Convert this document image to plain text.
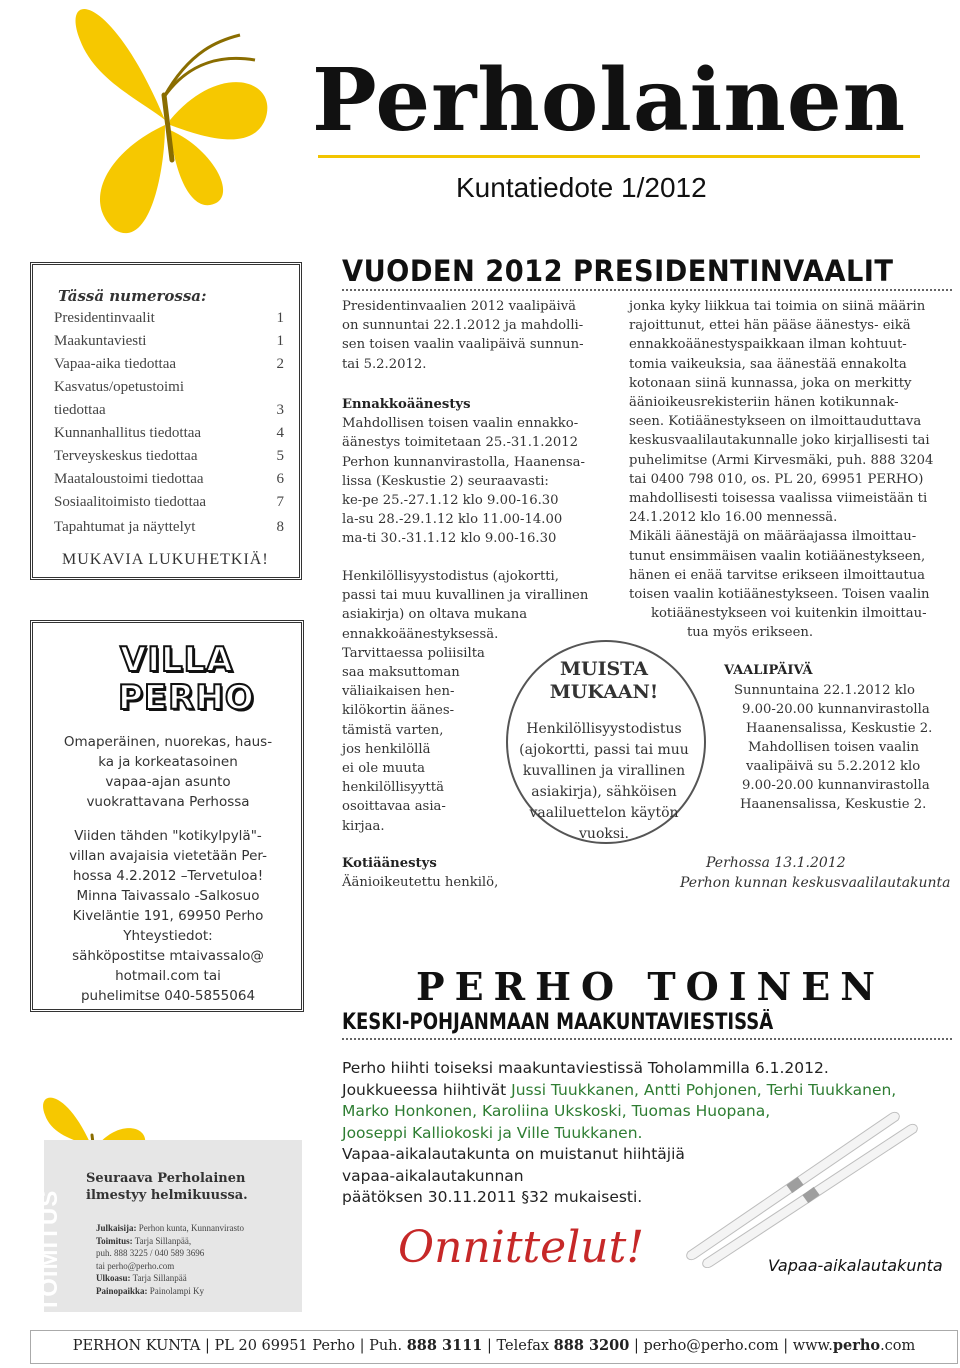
Perholainen
Kuntatiedote 1/2012
Tässä numerossa:
Presidentinvaalit	1
Maakuntaviesti	1
Vapaa-aika tiedottaa	2
Kasvatus/opetustoimi
tiedottaa	3
Kunnanhallitus tiedottaa	4
Terveyskeskus tiedottaa	5
Maataloustoimi tiedottaa	6
Sosiaalitoimisto tiedottaa	7
Tapahtumat ja näyttelyt	8
MUKAVIA LUKUHETKIÄ!
VILLA
PERHO
Omaperäinen, nuorekas, haus-
ka ja korkeatasoinen
vapaa-ajan asunto
vuokrattavana Perhossa
Viiden tähden "kotikylpylä"-
villan avajaisia vietetään Per-
hossa 4.2.2012 –Tervetuloa!
Minna Taivassalo -Salkosuo
Kiveläntie 191, 69950 Perho
Yhteystiedot:
sähköpostitse mtaivassalo@
hotmail.com tai
puhelimitse 040-5855064
TOIMITUS
Seuraava Perholainen
ilmestyy helmikuussa.
Julkaisija: Perhon kunta, Kunnanvirasto
Toimitus: Tarja Sillanpää,
puh. 888 3225 / 040 589 3696
tai perho@perho.com
Ulkoasu: Tarja Sillanpää
Painopaikka: Painolampi Ky
VUODEN 2012 PRESIDENTINVAALIT
Presidentinvaalien 2012 vaalipäivä
on sunnuntai 22.1.2012 ja mahdolli-
sen toisen vaalin vaalipäivä sunnun-
tai 5.2.2012.
Ennakkoäänestys
Mahdollisen toisen vaalin ennakko-
äänestys toimitetaan 25.-31.1.2012
Perhon kunnanvirastolla, Haanensa-
lissa (Keskustie 2) seuraavasti:
ke-pe 25.-27.1.12 klo 9.00-16.30
la-su 28.-29.1.12 klo 11.00-14.00
ma-ti 30.-31.1.12 klo 9.00-16.30
Henkilöllisyystodistus (ajokortti,
passi tai muu kuvallinen ja virallinen
asiakirja) on oltava mukana
ennakkoäänestyksessä.
Tarvittaessa poliisilta
saa maksuttoman
väliaikaisen hen-
kilökortin äänes-
tämistä varten,
jos henkilöllä
ei ole muuta
henkilöllisyyttä
osoittavaa asia-
kirjaa.
Kotiäänestys
Äänioikeutettu henkilö,
jonka kyky liikkua tai toimia on siinä määrin
rajoittunut, ettei hän pääse äänestys- eikä
ennakkoäänestyspaikkaan ilman kohtuut-
tomia vaikeuksia, saa äänestää ennakolta
kotonaan siinä kunnassa, joka on merkitty
äänioikeusrekisteriin hänen kotikunnak-
seen. Kotiäänestykseen on ilmoittauduttava
keskusvaalilautakunnalle joko kirjallisesti tai
puhelimitse (Armi Kirvesmäki, puh. 888 3204
tai 0400 798 010, os. PL 20, 69951 PERHO)
mahdollisesti toisessa vaalissa viimeistään ti
24.1.2012 klo 16.00 mennessä.
Mikäli äänestäjä on määräajassa ilmoittau-
tunut ensimmäisen vaalin kotiäänestykseen,
hänen ei enää tarvitse erikseen ilmoittautua
toisen vaalin kotiäänestykseen. Toisen vaalin
kotiäänestykseen voi kuitenkin ilmoittau-
tua myös erikseen.
MUISTA
MUKAAN!
Henkilöllisyystodistus
(ajokortti, passi tai muu
kuvallinen ja virallinen
asiakirja), sähköisen
vaaliluettelon käytön
vuoksi.
VAALIPÄIVÄ
Sunnuntaina 22.1.2012 klo
9.00-20.00 kunnanvirastolla
Haanensalissa, Keskustie 2.
Mahdollisen toisen vaalin
vaalipäivä su 5.2.2012 klo
9.00-20.00 kunnanvirastolla
Haanensalissa, Keskustie 2.
Perhossa 13.1.2012
Perhon kunnan keskusvaalilautakunta
PERHO TOINEN
KESKI-POHJANMAAN MAAKUNTAVIESTISSÄ
Perho hiihti toiseksi maakuntaviestissä Toholammilla 6.1.2012.
Joukkueessa hiihtivät Jussi Tuukkanen, Antti Pohjonen, Terhi Tuukkanen,
Marko Honkonen, Karoliina Ukskoski, Tuomas Huopana,
Jooseppi Kalliokoski ja Ville Tuukkanen.
Vapaa-aikalautakunta on muistanut hiihtäjiä
vapaa-aikalautakunnan
päätöksen 30.11.2011 §32 mukaisesti.
Onnittelut!	Vapaa-aikalautakunta
PERHON KUNTA | PL 20 69951 Perho | Puh. 888 3111 | Telefax 888 3200 | perho@perho.com | www.perho.com
